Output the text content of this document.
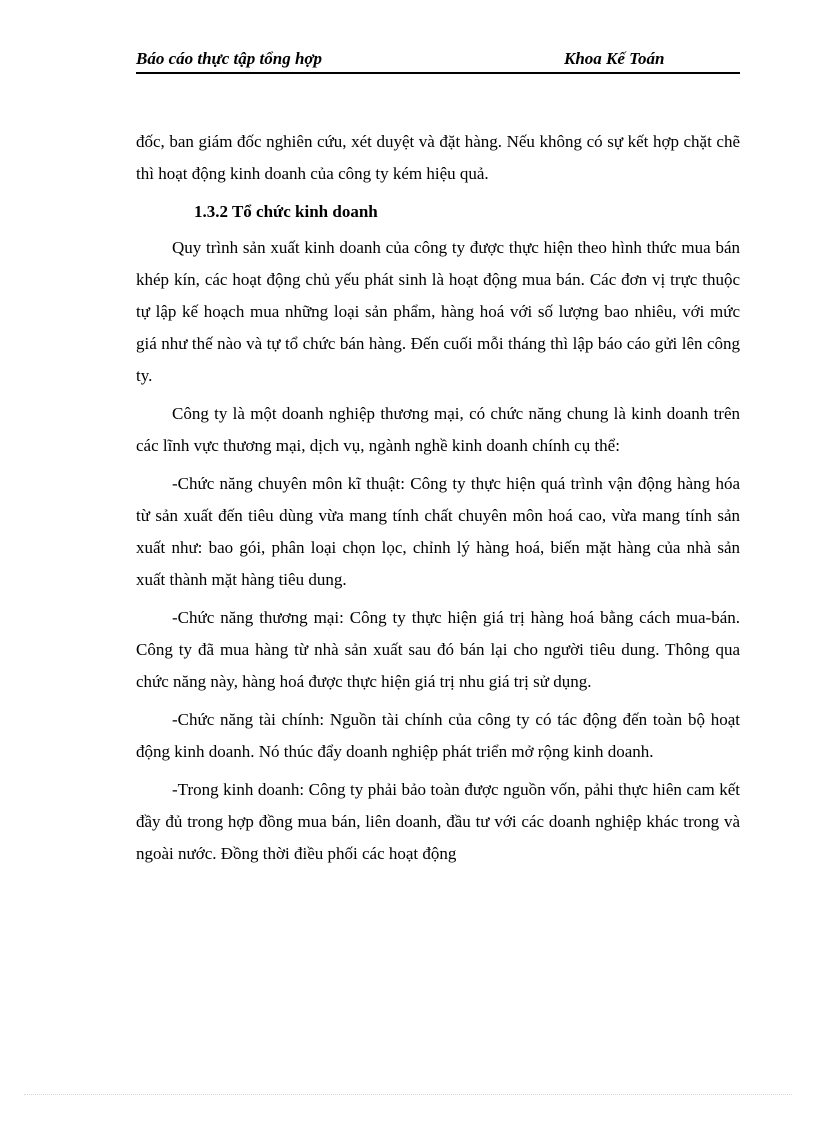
Báo cáo thực tập tổng hợp	Khoa Kế Toán

đốc, ban giám đốc nghiên cứu, xét duyệt và đặt hàng. Nếu không có sự kết hợp chặt chẽ thì hoạt động kinh doanh của công ty kém hiệu quả.

1.3.2 Tổ chức kinh doanh

Quy trình sản xuất kinh doanh của công ty được thực hiện theo hình thức mua bán khép kín, các hoạt động chủ yếu phát sinh là hoạt động mua bán. Các đơn vị trực thuộc tự lập kế hoạch mua những loại sản phẩm, hàng hoá với số lượng bao nhiêu, với mức giá như thế nào và tự tổ chức bán hàng. Đến cuối mỗi tháng thì lập báo cáo gửi lên công ty.

Công ty là một doanh nghiệp thương mại, có chức năng chung là kinh doanh trên các lĩnh vực thương mại, dịch vụ, ngành nghề kinh doanh chính cụ thể:

-Chức năng chuyên môn kĩ thuật: Công ty thực hiện quá trình vận động hàng hóa từ sản xuất đến tiêu dùng vừa mang tính chất chuyên môn hoá cao, vừa mang tính sản xuất như: bao gói, phân loại chọn lọc, chỉnh lý hàng hoá, biến mặt hàng của nhà sản xuất thành mặt hàng tiêu dung.

-Chức năng thương mại: Công ty thực hiện giá trị hàng hoá bằng cách mua-bán. Công ty đã mua hàng từ nhà sản xuất sau đó bán lại cho người tiêu dung. Thông qua chức năng này, hàng hoá được thực hiện giá trị nhu giá trị sử dụng.

-Chức năng tài chính: Nguồn tài chính của công ty có tác động đến toàn bộ hoạt động kinh doanh. Nó thúc đẩy doanh nghiệp phát triển mở rộng kinh doanh.

-Trong kinh doanh: Công ty phải bảo toàn được nguồn vốn, pảhi thực hiên cam kết đầy đủ trong hợp đồng mua bán, liên doanh, đầu tư với các doanh nghiệp khác trong và ngoài nước. Đồng thời điều phối các hoạt động
